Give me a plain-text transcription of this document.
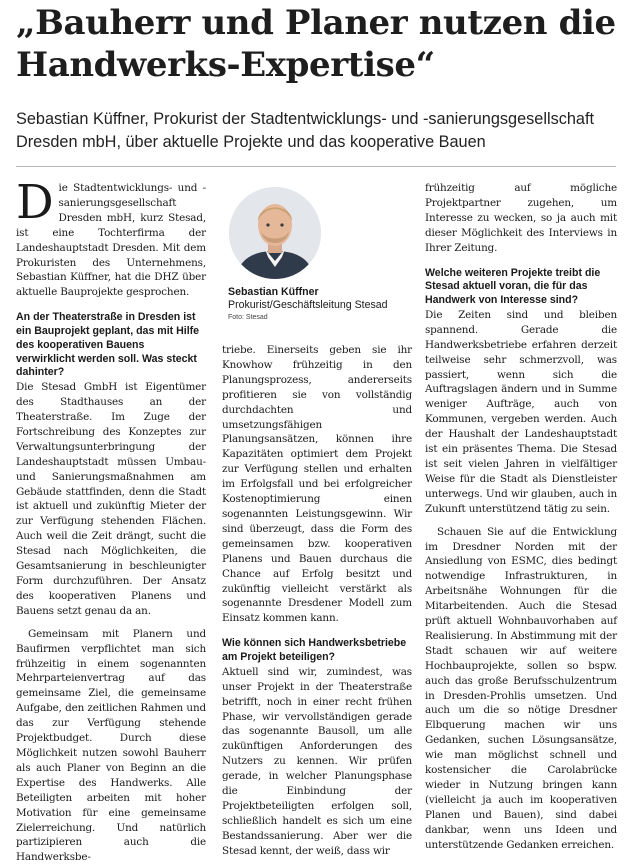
„Bauherr und Planer nutzen die Handwerks-Expertise“
Sebastian Küffner, Prokurist der Stadtentwicklungs- und -sanierungsgesellschaft Dresden mbH, über aktuelle Projekte und das kooperative Bauen

Die Stadtentwicklungs- und -sanierungsgesellschaft Dresden mbH, kurz Stesad, ist eine Tochterfirma der Landeshauptstadt Dresden. Mit dem Prokuristen des Unternehmens, Sebastian Küffner, hat die DHZ über aktuelle Bauprojekte gesprochen.

An der Theaterstraße in Dresden ist ein Bauprojekt geplant, das mit Hilfe des kooperativen Bauens verwirklicht werden soll. Was steckt dahinter?

Die Stesad GmbH ist Eigentümer des Stadthauses an der Theaterstraße. Im Zuge der Fortschreibung des Konzeptes zur Verwaltungsunterbringung der Landeshauptstadt müssen Umbau- und Sanierungsmaßnahmen am Gebäude stattfinden, denn die Stadt ist aktuell und zukünftig Mieter der zur Verfügung stehenden Flächen. Auch weil die Zeit drängt, sucht die Stesad nach Möglichkeiten, die Gesamtsanierung in beschleunigter Form durchzuführen. Der Ansatz des kooperativen Planens und Bauens setzt genau da an.

Gemeinsam mit Planern und Baufirmen verpflichtet man sich frühzeitig in einem sogenannten Mehrparteienvertrag auf das gemeinsame Ziel, die gemeinsame Aufgabe, den zeitlichen Rahmen und das zur Verfügung stehende Projektbudget. Durch diese Möglichkeit nutzen sowohl Bauherr als auch Planer von Beginn an die Expertise des Handwerks. Alle Beteiligten arbeiten mit hoher Motivation für eine gemeinsame Zielerreichung. Und natürlich partizipieren auch die Handwerksbe-

Sebastian Küffner
Prokurist/Geschäftsleitung Stesad
Foto: Stesad

triebe. Einerseits geben sie ihr Knowhow frühzeitig in den Planungsprozess, andererseits profitieren sie von vollständig durchdachten und umsetzungsfähigen Planungsansätzen, können ihre Kapazitäten optimiert dem Projekt zur Verfügung stellen und erhalten im Erfolgsfall und bei erfolgreicher Kostenoptimierung einen sogenannten Leistungsgewinn. Wir sind überzeugt, dass die Form des gemeinsamen bzw. kooperativen Planens und Bauen durchaus die Chance auf Erfolg besitzt und zukünftig vielleicht verstärkt als sogenannte Dresdener Modell zum Einsatz kommen kann.

Wie können sich Handwerksbetriebe am Projekt beteiligen?

Aktuell sind wir, zumindest, was unser Projekt in der Theaterstraße betrifft, noch in einer recht frühen Phase, wir vervollständigen gerade das sogenannte Bausoll, um alle zukünftigen Anforderungen des Nutzers zu kennen. Wir prüfen gerade, in welcher Planungsphase die Einbindung der Projektbeteiligten erfolgen soll, schließlich handelt es sich um eine Bestandssanierung. Aber wer die Stesad kennt, der weiß, dass wir

frühzeitig auf mögliche Projektpartner zugehen, um Interesse zu wecken, so ja auch mit dieser Möglichkeit des Interviews in Ihrer Zeitung.

Welche weiteren Projekte treibt die Stesad aktuell voran, die für das Handwerk von Interesse sind?

Die Zeiten sind und bleiben spannend. Gerade die Handwerksbetriebe erfahren derzeit teilweise sehr schmerzvoll, was passiert, wenn sich die Auftragslagen ändern und in Summe weniger Aufträge, auch von Kommunen, vergeben werden. Auch der Haushalt der Landeshauptstadt ist ein präsentes Thema. Die Stesad ist seit vielen Jahren in vielfältiger Weise für die Stadt als Dienstleister unterwegs. Und wir glauben, auch in Zukunft unterstützend tätig zu sein.

Schauen Sie auf die Entwicklung im Dresdner Norden mit der Ansiedlung von ESMC, dies bedingt notwendige Infrastrukturen, in Arbeitsnähe Wohnungen für die Mitarbeitenden. Auch die Stesad prüft aktuell Wohnbauvorhaben auf Realisierung. In Abstimmung mit der Stadt schauen wir auf weitere Hochbauprojekte, sollen so bspw. auch das große Berufsschulzentrum in Dresden-Prohlis umsetzen. Und auch um die so nötige Dresdner Elbquerung machen wir uns Gedanken, suchen Lösungsansätze, wie man möglichst schnell und kostensicher die Carolabrücke wieder in Nutzung bringen kann (vielleicht ja auch im kooperativen Planen und Bauen), sind dabei dankbar, wenn uns Ideen und unterstützende Gedanken erreichen.
